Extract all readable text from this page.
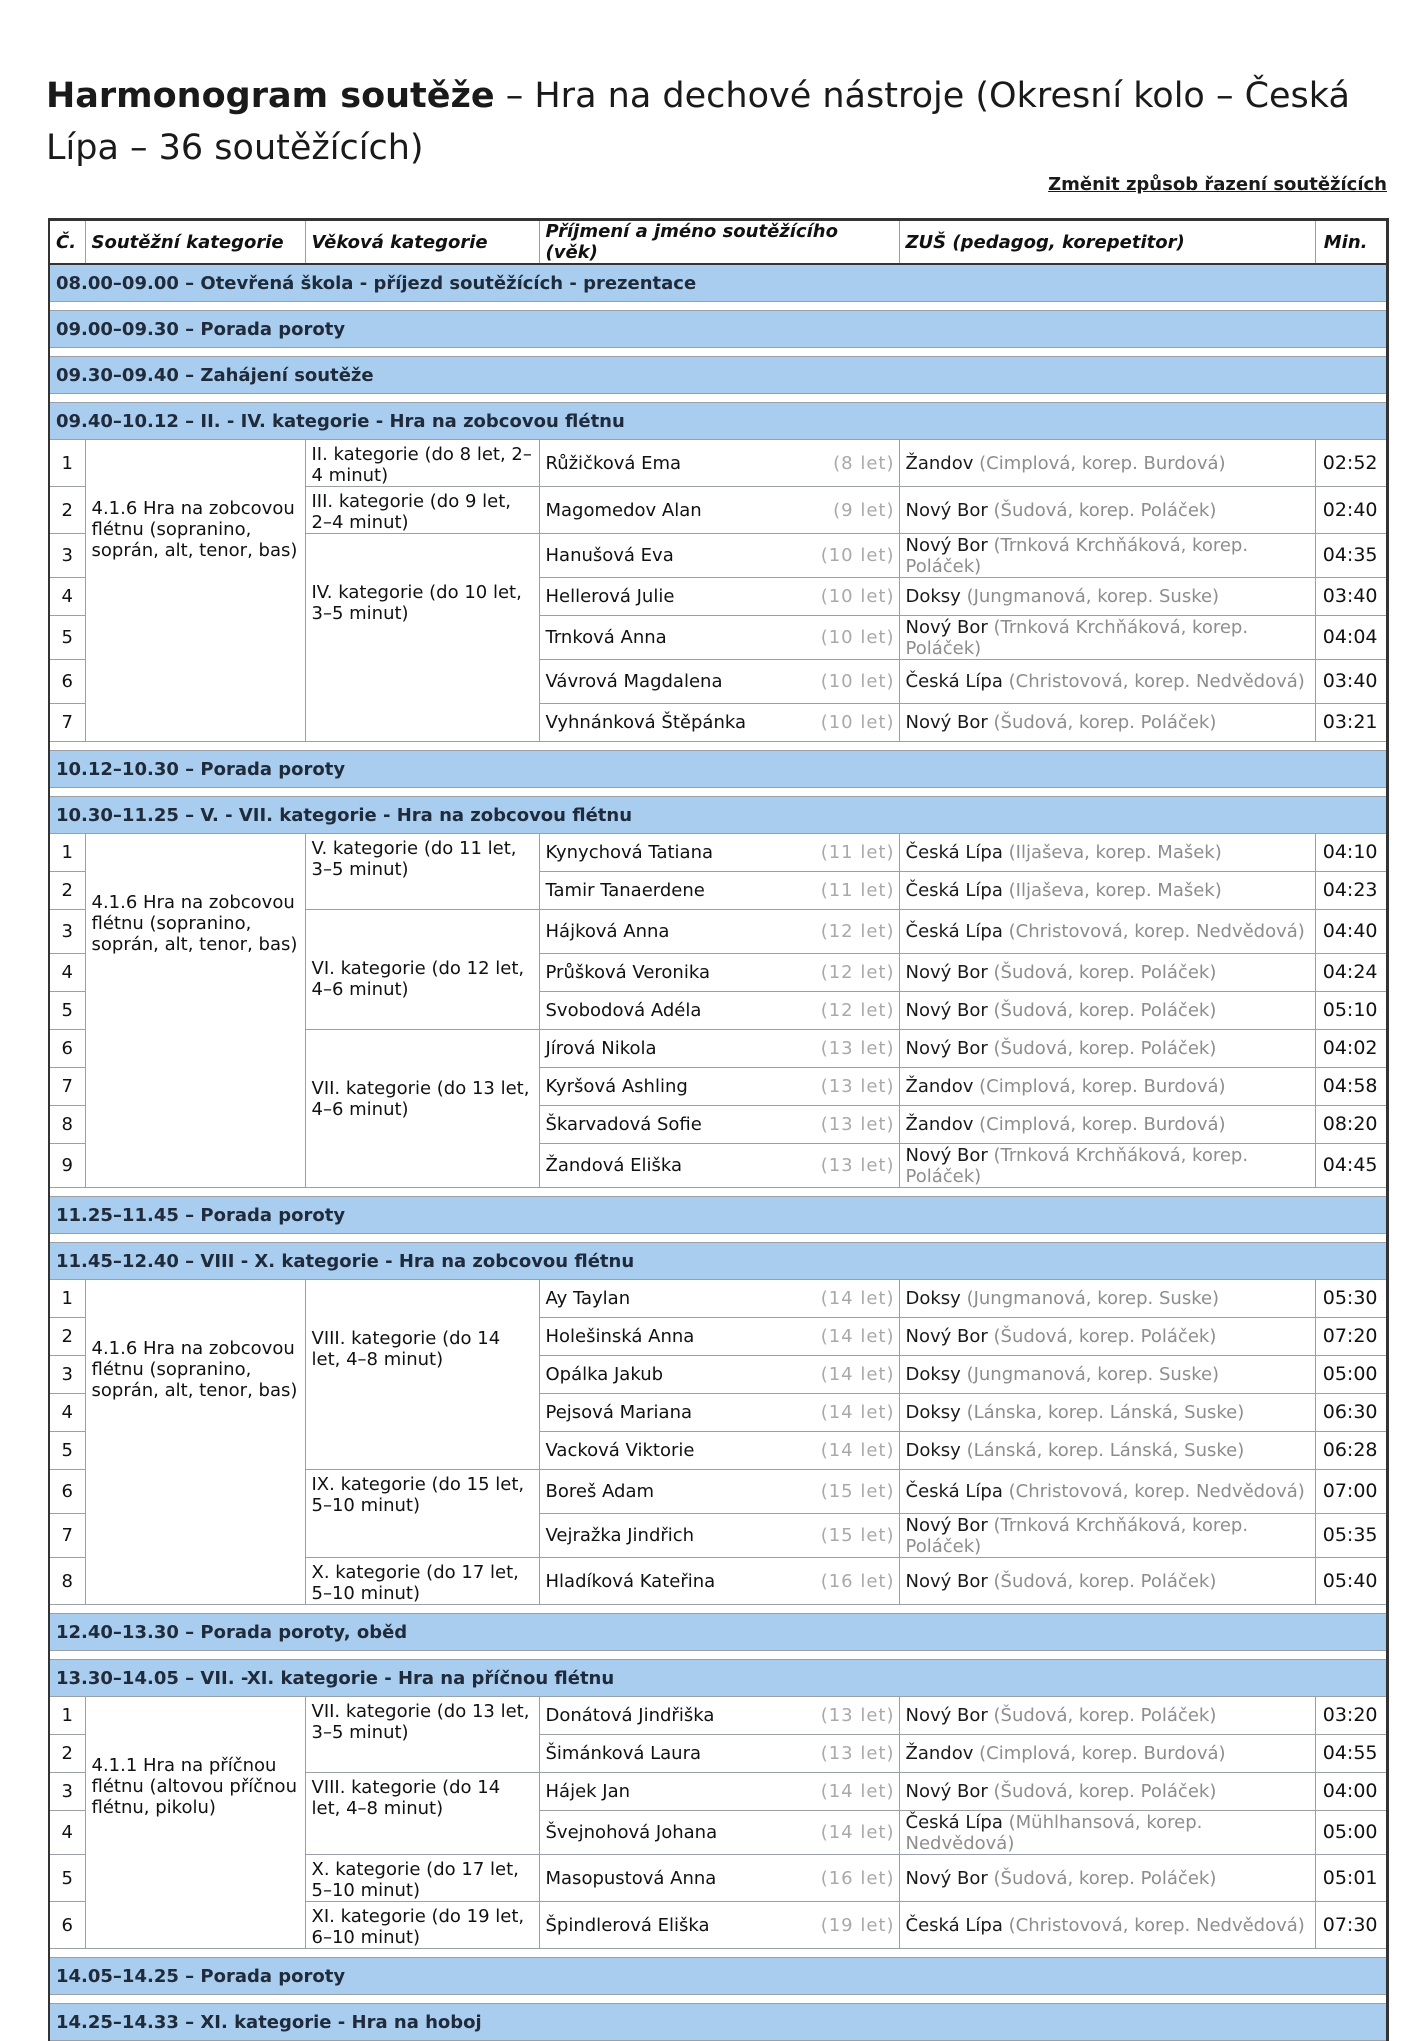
Harmonogram soutěže – Hra na dechové nástroje (Okresní kolo – Česká Lípa – 36 soutěžících)
Změnit způsob řazení soutěžících
Č.	Soutěžní kategorie	Věková kategorie	Příjmení a jméno soutěžícího (věk)	ZUŠ (pedagog, korepetitor)	Min.
08.00–09.00 – Otevřená škola - příjezd soutěžících - prezentace					

09.00–09.30 – Porada poroty					

09.30–09.40 – Zahájení soutěže					

09.40–10.12 – II. - IV. kategorie - Hra na zobcovou flétnu					
1	4.1.6 Hra na zobcovou flétnu (sopranino, soprán, alt, tenor, bas)	II. kategorie (do 8 let, 2–4 minut)	Růžičková Ema (8 let)	Žandov (Cimplová, korep. Burdová)	02:52
2		III. kategorie (do 9 let, 2–4 minut)	Magomedov Alan (9 let)	Nový Bor (Šudová, korep. Poláček)	02:40
3		IV. kategorie (do 10 let, 3–5 minut)	Hanušová Eva (10 let)	Nový Bor (Trnková Krchňáková, korep. Poláček)	04:35
4			Hellerová Julie (10 let)	Doksy (Jungmanová, korep. Suske)	03:40
5			Trnková Anna (10 let)	Nový Bor (Trnková Krchňáková, korep. Poláček)	04:04
6			Vávrová Magdalena (10 let)	Česká Lípa (Christovová, korep. Nedvědová)	03:40
7			Vyhnánková Štěpánka (10 let)	Nový Bor (Šudová, korep. Poláček)	03:21

10.12–10.30 – Porada poroty					

10.30–11.25 – V. - VII. kategorie - Hra na zobcovou flétnu					
1	4.1.6 Hra na zobcovou flétnu (sopranino, soprán, alt, tenor, bas)	V. kategorie (do 11 let, 3–5 minut)	Kynychová Tatiana (11 let)	Česká Lípa (Iljaševa, korep. Mašek)	04:10
2			Tamir Tanaerdene (11 let)	Česká Lípa (Iljaševa, korep. Mašek)	04:23
3		VI. kategorie (do 12 let, 4–6 minut)	Hájková Anna (12 let)	Česká Lípa (Christovová, korep. Nedvědová)	04:40
4			Průšková Veronika (12 let)	Nový Bor (Šudová, korep. Poláček)	04:24
5			Svobodová Adéla (12 let)	Nový Bor (Šudová, korep. Poláček)	05:10
6		VII. kategorie (do 13 let, 4–6 minut)	Jírová Nikola (13 let)	Nový Bor (Šudová, korep. Poláček)	04:02
7			Kyršová Ashling (13 let)	Žandov (Cimplová, korep. Burdová)	04:58
8			Škarvadová Sofie (13 let)	Žandov (Cimplová, korep. Burdová)	08:20
9			Žandová Eliška (13 let)	Nový Bor (Trnková Krchňáková, korep. Poláček)	04:45

11.25–11.45 – Porada poroty					

11.45–12.40 – VIII - X. kategorie - Hra na zobcovou flétnu					
1	4.1.6 Hra na zobcovou flétnu (sopranino, soprán, alt, tenor, bas)	VIII. kategorie (do 14 let, 4–8 minut)	Ay Taylan (14 let)	Doksy (Jungmanová, korep. Suske)	05:30
2			Holešinská Anna (14 let)	Nový Bor (Šudová, korep. Poláček)	07:20
3			Opálka Jakub (14 let)	Doksy (Jungmanová, korep. Suske)	05:00
4			Pejsová Mariana (14 let)	Doksy (Lánska, korep. Lánská, Suske)	06:30
5			Vacková Viktorie (14 let)	Doksy (Lánská, korep. Lánská, Suske)	06:28
6		IX. kategorie (do 15 let, 5–10 minut)	Boreš Adam (15 let)	Česká Lípa (Christovová, korep. Nedvědová)	07:00
7			Vejražka Jindřich (15 let)	Nový Bor (Trnková Krchňáková, korep. Poláček)	05:35
8		X. kategorie (do 17 let, 5–10 minut)	Hladíková Kateřina (16 let)	Nový Bor (Šudová, korep. Poláček)	05:40

12.40–13.30 – Porada poroty, oběd					

13.30–14.05 – VII. -XI. kategorie - Hra na příčnou flétnu					
1	4.1.1 Hra na příčnou flétnu (altovou příčnou flétnu, pikolu)	VII. kategorie (do 13 let, 3–5 minut)	Donátová Jindřiška (13 let)	Nový Bor (Šudová, korep. Poláček)	03:20
2			Šimánková Laura (13 let)	Žandov (Cimplová, korep. Burdová)	04:55
3		VIII. kategorie (do 14 let, 4–8 minut)	Hájek Jan (14 let)	Nový Bor (Šudová, korep. Poláček)	04:00
4			Švejnohová Johana (14 let)	Česká Lípa (Mühlhansová, korep. Nedvědová)	05:00
5		X. kategorie (do 17 let, 5–10 minut)	Masopustová Anna (16 let)	Nový Bor (Šudová, korep. Poláček)	05:01
6		XI. kategorie (do 19 let, 6–10 minut)	Špindlerová Eliška (19 let)	Česká Lípa (Christovová, korep. Nedvědová)	07:30

14.05–14.25 – Porada poroty					

14.25–14.33 – XI. kategorie - Hra na hoboj					
